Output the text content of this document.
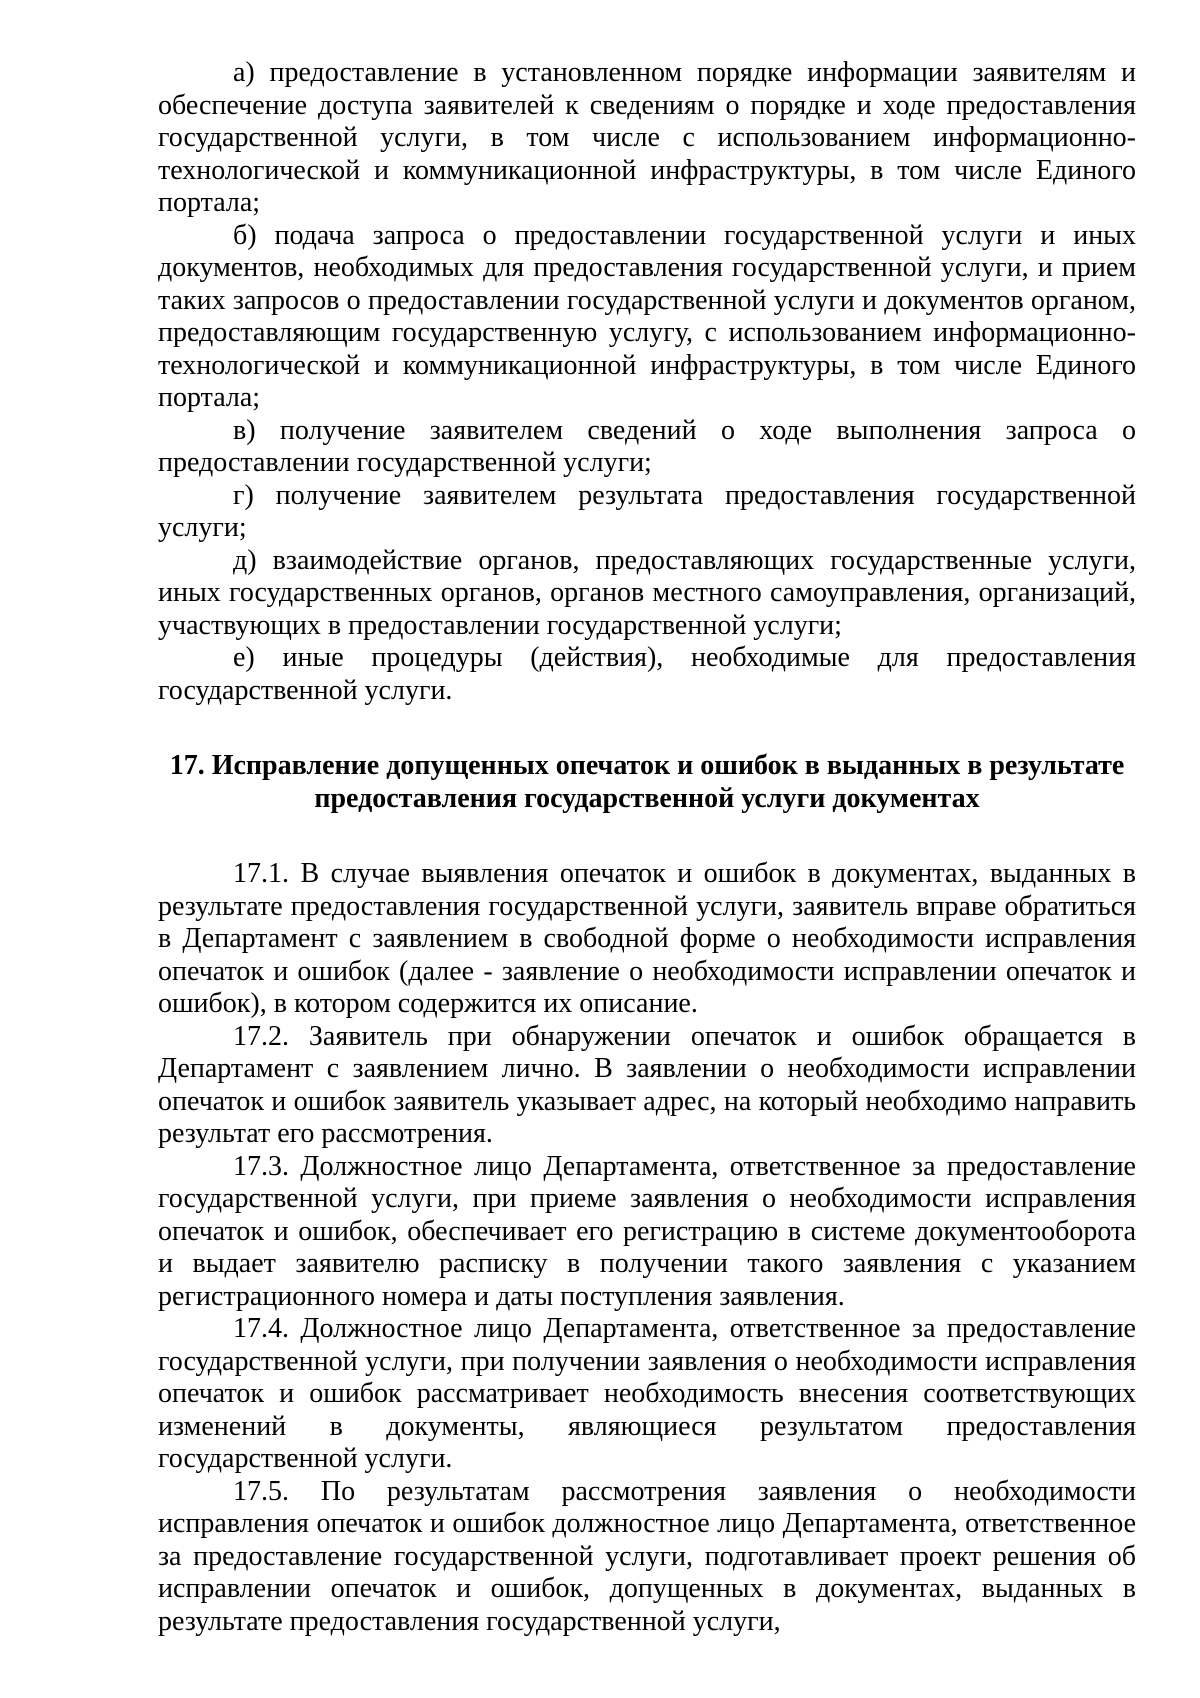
а) предоставление в установленном порядке информации заявителям и обеспечение доступа заявителей к сведениям о порядке и ходе предоставления государственной услуги, в том числе с использованием информационно-технологической и коммуникационной инфраструктуры, в том числе Единого портала;

б) подача запроса о предоставлении государственной услуги и иных документов, необходимых для предоставления государственной услуги, и прием таких запросов о предоставлении государственной услуги и документов органом, предоставляющим государственную услугу, с использованием информационно-технологической и коммуникационной инфраструктуры, в том числе Единого портала;

в) получение заявителем сведений о ходе выполнения запроса о предоставлении государственной услуги;

г) получение заявителем результата предоставления государственной услуги;

д) взаимодействие органов, предоставляющих государственные услуги, иных государственных органов, органов местного самоуправления, организаций, участвующих в предоставлении государственной услуги;

е) иные процедуры (действия), необходимые для предоставления государственной услуги.

17. Исправление допущенных опечаток и ошибок в выданных в результате предоставления государственной услуги документах

17.1. В случае выявления опечаток и ошибок в документах, выданных в результате предоставления государственной услуги, заявитель вправе обратиться в Департамент с заявлением в свободной форме о необходимости исправления опечаток и ошибок (далее - заявление о необходимости исправлении опечаток и ошибок), в котором содержится их описание.

17.2. Заявитель при обнаружении опечаток и ошибок обращается в Департамент с заявлением лично. В заявлении о необходимости исправлении опечаток и ошибок заявитель указывает адрес, на который необходимо направить результат его рассмотрения.

17.3. Должностное лицо Департамента, ответственное за предоставление государственной услуги, при приеме заявления о необходимости исправления опечаток и ошибок, обеспечивает его регистрацию в системе документооборота и выдает заявителю расписку в получении такого заявления с указанием регистрационного номера и даты поступления заявления.

17.4. Должностное лицо Департамента, ответственное за предоставление государственной услуги, при получении заявления о необходимости исправления опечаток и ошибок рассматривает необходимость внесения соответствующих изменений в документы, являющиеся результатом предоставления государственной услуги.

17.5. По результатам рассмотрения заявления о необходимости исправления опечаток и ошибок должностное лицо Департамента, ответственное за предоставление государственной услуги, подготавливает проект решения об исправлении опечаток и ошибок, допущенных в документах, выданных в результате предоставления государственной услуги,
